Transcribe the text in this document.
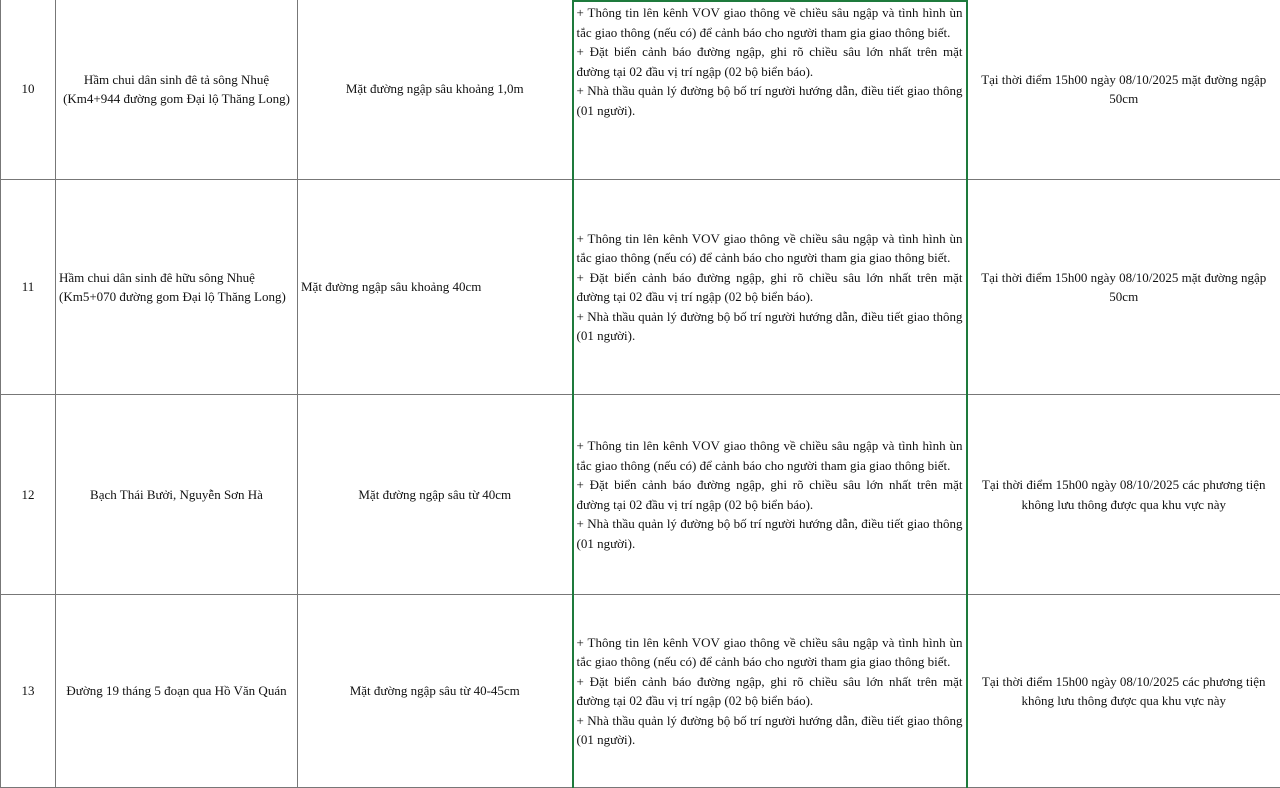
10	Hầm chui dân sinh đê tả sông Nhuệ (Km4+944 đường gom Đại lộ Thăng Long)	Mặt đường ngập sâu khoảng 1,0m	+ Thông tin lên kênh VOV giao thông về chiều sâu ngập và tình hình ùn tắc giao thông (nếu có) để cảnh báo cho người tham gia giao thông biết.
+ Đặt biển cảnh báo đường ngập, ghi rõ chiều sâu lớn nhất trên mặt đường tại 02 đầu vị trí ngập (02 bộ biển báo).
+ Nhà thầu quản lý đường bộ bố trí người hướng dẫn, điều tiết giao thông (01 người).	Tại thời điểm 15h00 ngày 08/10/2025 mặt đường ngập 50cm
11	Hầm chui dân sinh đê hữu sông Nhuệ (Km5+070 đường gom Đại lộ Thăng Long)	Mặt đường ngập sâu khoảng 40cm	+ Thông tin lên kênh VOV giao thông về chiều sâu ngập và tình hình ùn tắc giao thông (nếu có) để cảnh báo cho người tham gia giao thông biết.
+ Đặt biển cảnh báo đường ngập, ghi rõ chiều sâu lớn nhất trên mặt đường tại 02 đầu vị trí ngập (02 bộ biển báo).
+ Nhà thầu quản lý đường bộ bố trí người hướng dẫn, điều tiết giao thông (01 người).	Tại thời điểm 15h00 ngày 08/10/2025 mặt đường ngập 50cm
12	Bạch Thái Bưởi, Nguyễn Sơn Hà	Mặt đường ngập sâu từ 40cm	+ Thông tin lên kênh VOV giao thông về chiều sâu ngập và tình hình ùn tắc giao thông (nếu có) để cảnh báo cho người tham gia giao thông biết.
+ Đặt biển cảnh báo đường ngập, ghi rõ chiều sâu lớn nhất trên mặt đường tại 02 đầu vị trí ngập (02 bộ biển báo).
+ Nhà thầu quản lý đường bộ bố trí người hướng dẫn, điều tiết giao thông (01 người).	Tại thời điểm 15h00 ngày 08/10/2025 các phương tiện không lưu thông được qua khu vực này
13	Đường 19 tháng 5 đoạn qua Hồ Văn Quán	Mặt đường ngập sâu từ 40-45cm	+ Thông tin lên kênh VOV giao thông về chiều sâu ngập và tình hình ùn tắc giao thông (nếu có) để cảnh báo cho người tham gia giao thông biết.
+ Đặt biển cảnh báo đường ngập, ghi rõ chiều sâu lớn nhất trên mặt đường tại 02 đầu vị trí ngập (02 bộ biển báo).
+ Nhà thầu quản lý đường bộ bố trí người hướng dẫn, điều tiết giao thông (01 người).	Tại thời điểm 15h00 ngày 08/10/2025 các phương tiện không lưu thông được qua khu vực này
